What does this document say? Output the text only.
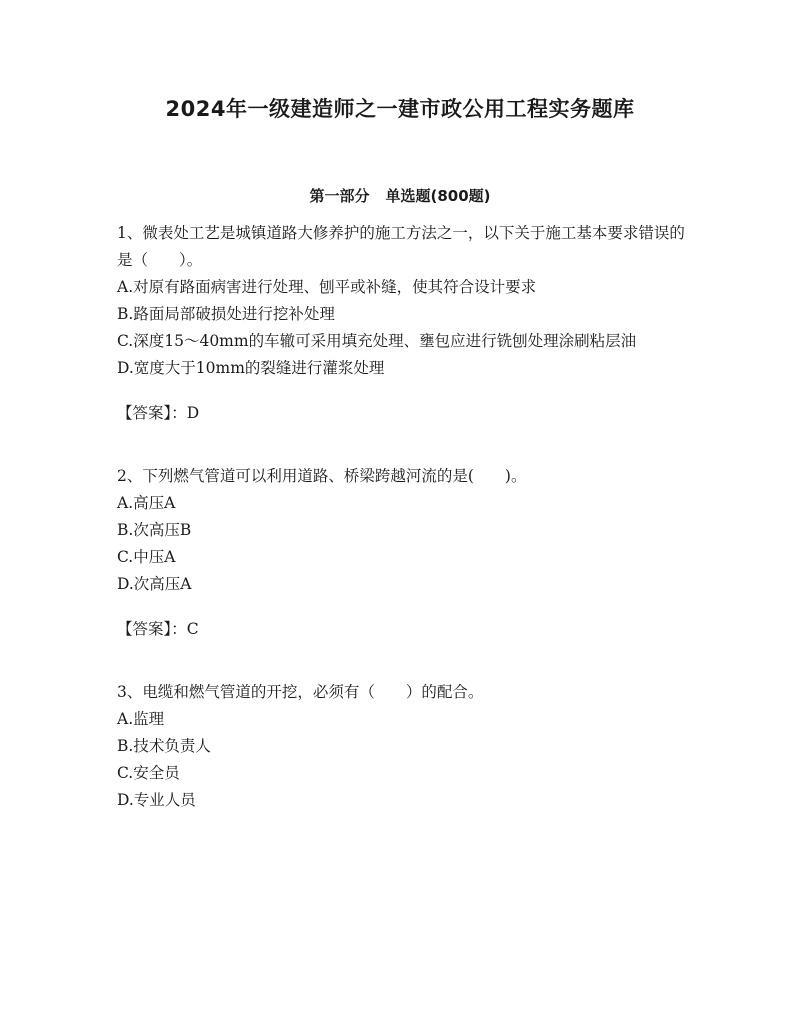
2024年一级建造师之一建市政公用工程实务题库
第一部分 单选题(800题)

1、微表处工艺是城镇道路大修养护的施工方法之一，以下关于施工基本要求错误的是（　　）。

A.对原有路面病害进行处理、刨平或补缝，使其符合设计要求

B.路面局部破损处进行挖补处理

C.深度15～40mm的车辙可采用填充处理、壅包应进行铣刨处理涂刷粘层油

D.宽度大于10mm的裂缝进行灌浆处理

【答案】：D

2、下列燃气管道可以利用道路、桥梁跨越河流的是(　　)。

A.高压A

B.次高压B

C.中压A

D.次高压A

【答案】：C

3、电缆和燃气管道的开挖，必须有（　　）的配合。

A.监理

B.技术负责人

C.安全员

D.专业人员
